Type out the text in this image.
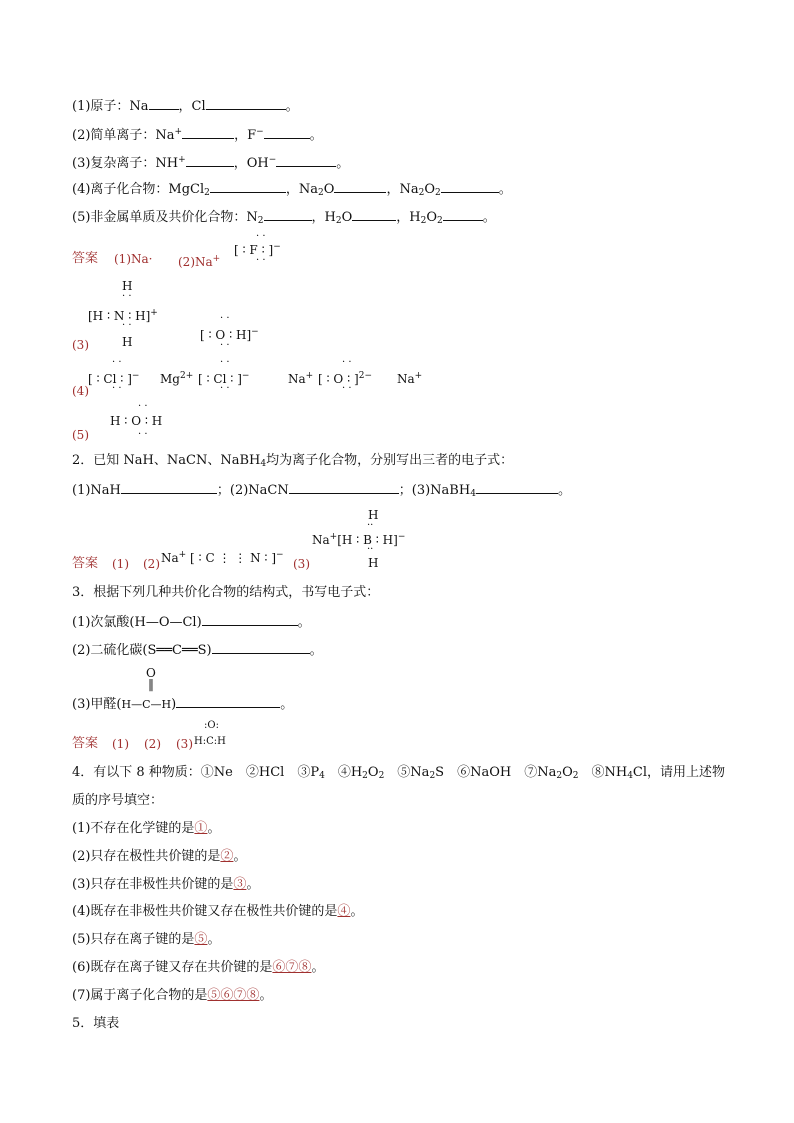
(1)原子：Na ，Cl	。
(2)简单离子：Na+	，F−	。
(3)复杂离子：NH+	，OH−	。
(4)离子化合物：MgCl$_2$	，$Na_2O$	，$Na_2O_2$	。
(5)非金属单质及共价化合物：$N_2$	，$H_2O$	，$H_2O_2$	。
答案 (1)Na· (2)Na+
· ·
[ ∶ F ∶ ]−
· ·
H
· ·
[H ∶ N ∶ H]+
· ·
H
(3)
· ·
[ ∶ O ∶ H]−
· ·
· ·
[ ∶ Cl ∶ ]− $Mg^{2+}$
· ·
[ ∶ Cl ∶ ]−
· ·	· ·
(4)
Na+
· ·
[ ∶ O ∶ ]$^{2-}$
· ·
Na+
· ·
H ∶ O ∶ H
· ·
(5)
2．已知 NaH、NaCN、NaBH$_4$均为离子化合物，分别写出三者的电子式：
(1)NaH	；(2)NaCN	；(3)NaBH$_4$	。
答案 (1) (2) Na+ [ ∶ C ⋮ ⋮ N ∶ ]−
(3)
H
··
Na+[H ∶ B ∶ H]−
··
H
3．根据下列几种共价化合物的结构式，书写电子式：
(1)次氯酸(H—O—Cl)	。
(2)二硫化碳(S══C══S)	。
O
‖
(3)甲醛(H—C—H)	。
答案 (1) (2) (3)
:O:
H:C:H
4．有以下 8 种物质：①Ne　②HCl　$③P_4$　$④H_2O_2$　$⑤Na_2S$　⑥NaOH　$⑦Na_2O_2$　$⑧NH_4Cl$，请用上述物
质的序号填空：
(1)不存在化学键的是①。
(2)只存在极性共价键的是②。
(3)只存在非极性共价键的是③。
(4)既存在非极性共价键又存在极性共价键的是④。
(5)只存在离子键的是⑤。
(6)既存在离子键又存在共价键的是⑥⑦⑧。
(7)属于离子化合物的是⑤⑥⑦⑧。
5．填表
